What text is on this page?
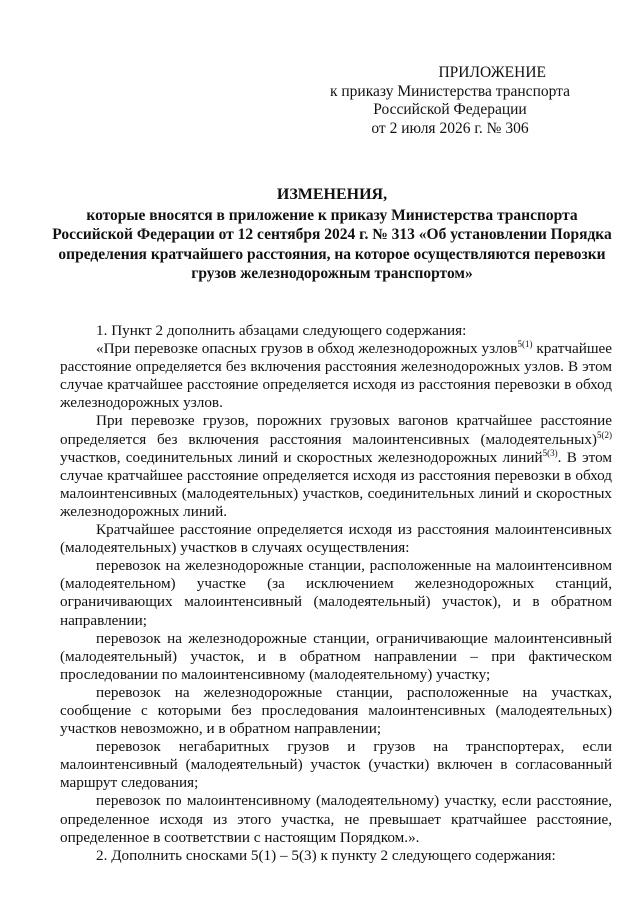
ПРИЛОЖЕНИЕ
к приказу Министерства транспорта
Российской Федерации
от 2 июля 2026 г. № 306
ИЗМЕНЕНИЯ,
которые вносятся в приложение к приказу Министерства транспорта
Российской Федерации от 12 сентября 2024 г. № 313 «Об установлении Порядка
определения кратчайшего расстояния, на которое осуществляются перевозки
грузов железнодорожным транспортом»

1. Пункт 2 дополнить абзацами следующего содержания:

«При перевозке опасных грузов в обход железнодорожных узлов$^{5(1)}$ кратчайшее расстояние определяется без включения расстояния железнодорожных узлов. В этом случае кратчайшее расстояние определяется исходя из расстояния перевозки в обход железнодорожных узлов.

При перевозке грузов, порожних грузовых вагонов кратчайшее расстояние определяется без включения расстояния малоинтенсивных (малодеятельных)$^{5(2)}$ участков, соединительных линий и скоростных железнодорожных линий$^{5(3)}$. В этом случае кратчайшее расстояние определяется исходя из расстояния перевозки в обход малоинтенсивных (малодеятельных) участков, соединительных линий и скоростных железнодорожных линий.

Кратчайшее расстояние определяется исходя из расстояния малоинтенсивных (малодеятельных) участков в случаях осуществления:

перевозок на железнодорожные станции, расположенные на малоинтенсивном (малодеятельном) участке (за исключением железнодорожных станций, ограничивающих малоинтенсивный (малодеятельный) участок), и в обратном направлении;

перевозок на железнодорожные станции, ограничивающие малоинтенсивный (малодеятельный) участок, и в обратном направлении – при фактическом проследовании по малоинтенсивному (малодеятельному) участку;

перевозок на железнодорожные станции, расположенные на участках, сообщение с которыми без проследования малоинтенсивных (малодеятельных) участков невозможно, и в обратном направлении;

перевозок негабаритных грузов и грузов на транспортерах, если малоинтенсивный (малодеятельный) участок (участки) включен в согласованный маршрут следования;

перевозок по малоинтенсивному (малодеятельному) участку, если расстояние, определенное исходя из этого участка, не превышает кратчайшее расстояние, определенное в соответствии с настоящим Порядком.».

2. Дополнить сносками 5(1) – 5(3) к пункту 2 следующего содержания:
